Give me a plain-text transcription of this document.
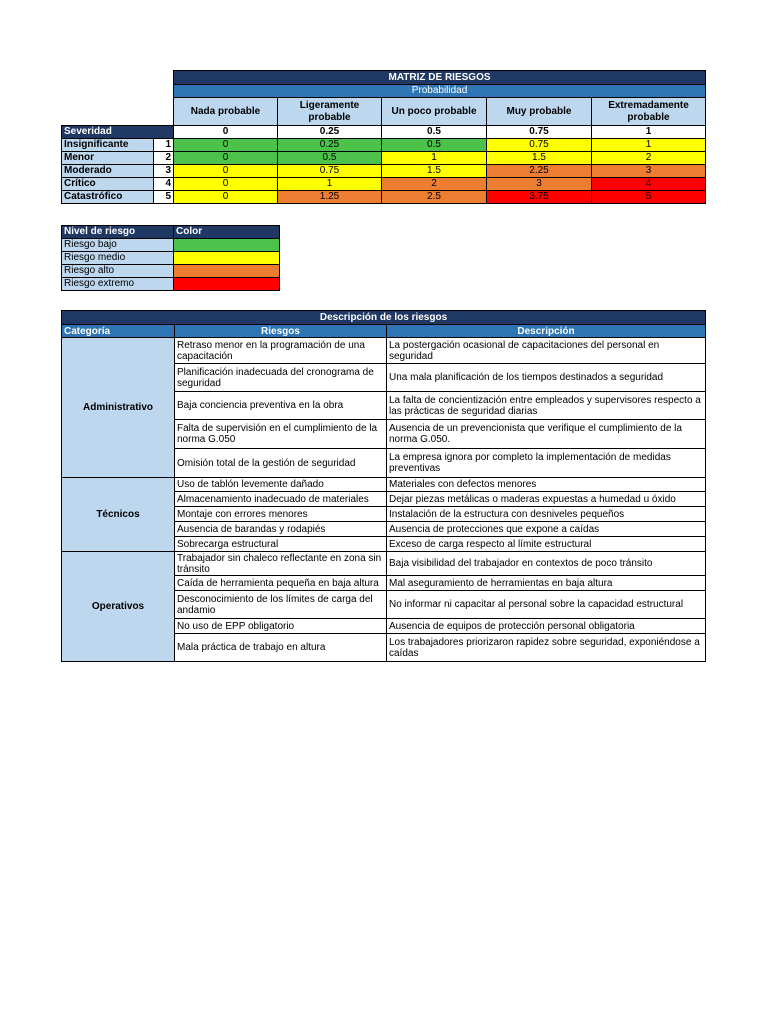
		MATRIZ DE RIESGOS				
		Probabilidad				
		Nada probable	Ligeramente probable	Un poco probable	Muy probable	Extremadamente probable
Severidad		0	0.25	0.5	0.75	1
Insignificante	1	0	0.25	0.5	0.75	1
Menor	2	0	0.5	1	1.5	2
Moderado	3	0	0.75	1.5	2.25	3
Crítico	4	0	1	2	3	4
Catastrófico	5	0	1.25	2.5	3.75	5
Nivel de riesgo	Color
Riesgo bajo	
Riesgo medio	
Riesgo alto	
Riesgo extremo	
Descripción de los riesgos		
Categoría	Riesgos	Descripción
Administrativo	Retraso menor en la programación de una capacitación	La postergación ocasional de capacitaciones del personal en seguridad
	Planificación inadecuada del cronograma de seguridad	Una mala planificación de los tiempos destinados a seguridad
	Baja conciencia preventiva en la obra	La falta de concientización entre empleados y supervisores respecto a las prácticas de seguridad diarias
	Falta de supervisión en el cumplimiento de la norma G.050	Ausencia de un prevencionista que verifique el cumplimiento de la norma G.050.
	Omisión total de la gestión de seguridad	La empresa ignora por completo la implementación de medidas preventivas
Técnicos	Uso de tablón levemente dañado	Materiales con defectos menores
	Almacenamiento inadecuado de materiales	Dejar piezas metálicas o maderas expuestas a humedad u óxido
	Montaje con errores menores	Instalación de la estructura con desniveles pequeños
	Ausencia de barandas y rodapiés	Ausencia de protecciones que expone a caídas
	Sobrecarga estructural	Exceso de carga respecto al límite estructural
Operativos	Trabajador sin chaleco reflectante en zona sin tránsito	Baja visibilidad del trabajador en contextos de poco tránsito
	Caída de herramienta pequeña en baja altura	Mal aseguramiento de herramientas en baja altura
	Desconocimiento de los límites de carga del andamio	No informar ni capacitar al personal sobre la capacidad estructural
	No uso de EPP obligatorio	Ausencia de equipos de protección personal obligatoria
	Mala práctica de trabajo en altura	Los trabajadores priorizaron rapidez sobre seguridad, exponiéndose a caídas
